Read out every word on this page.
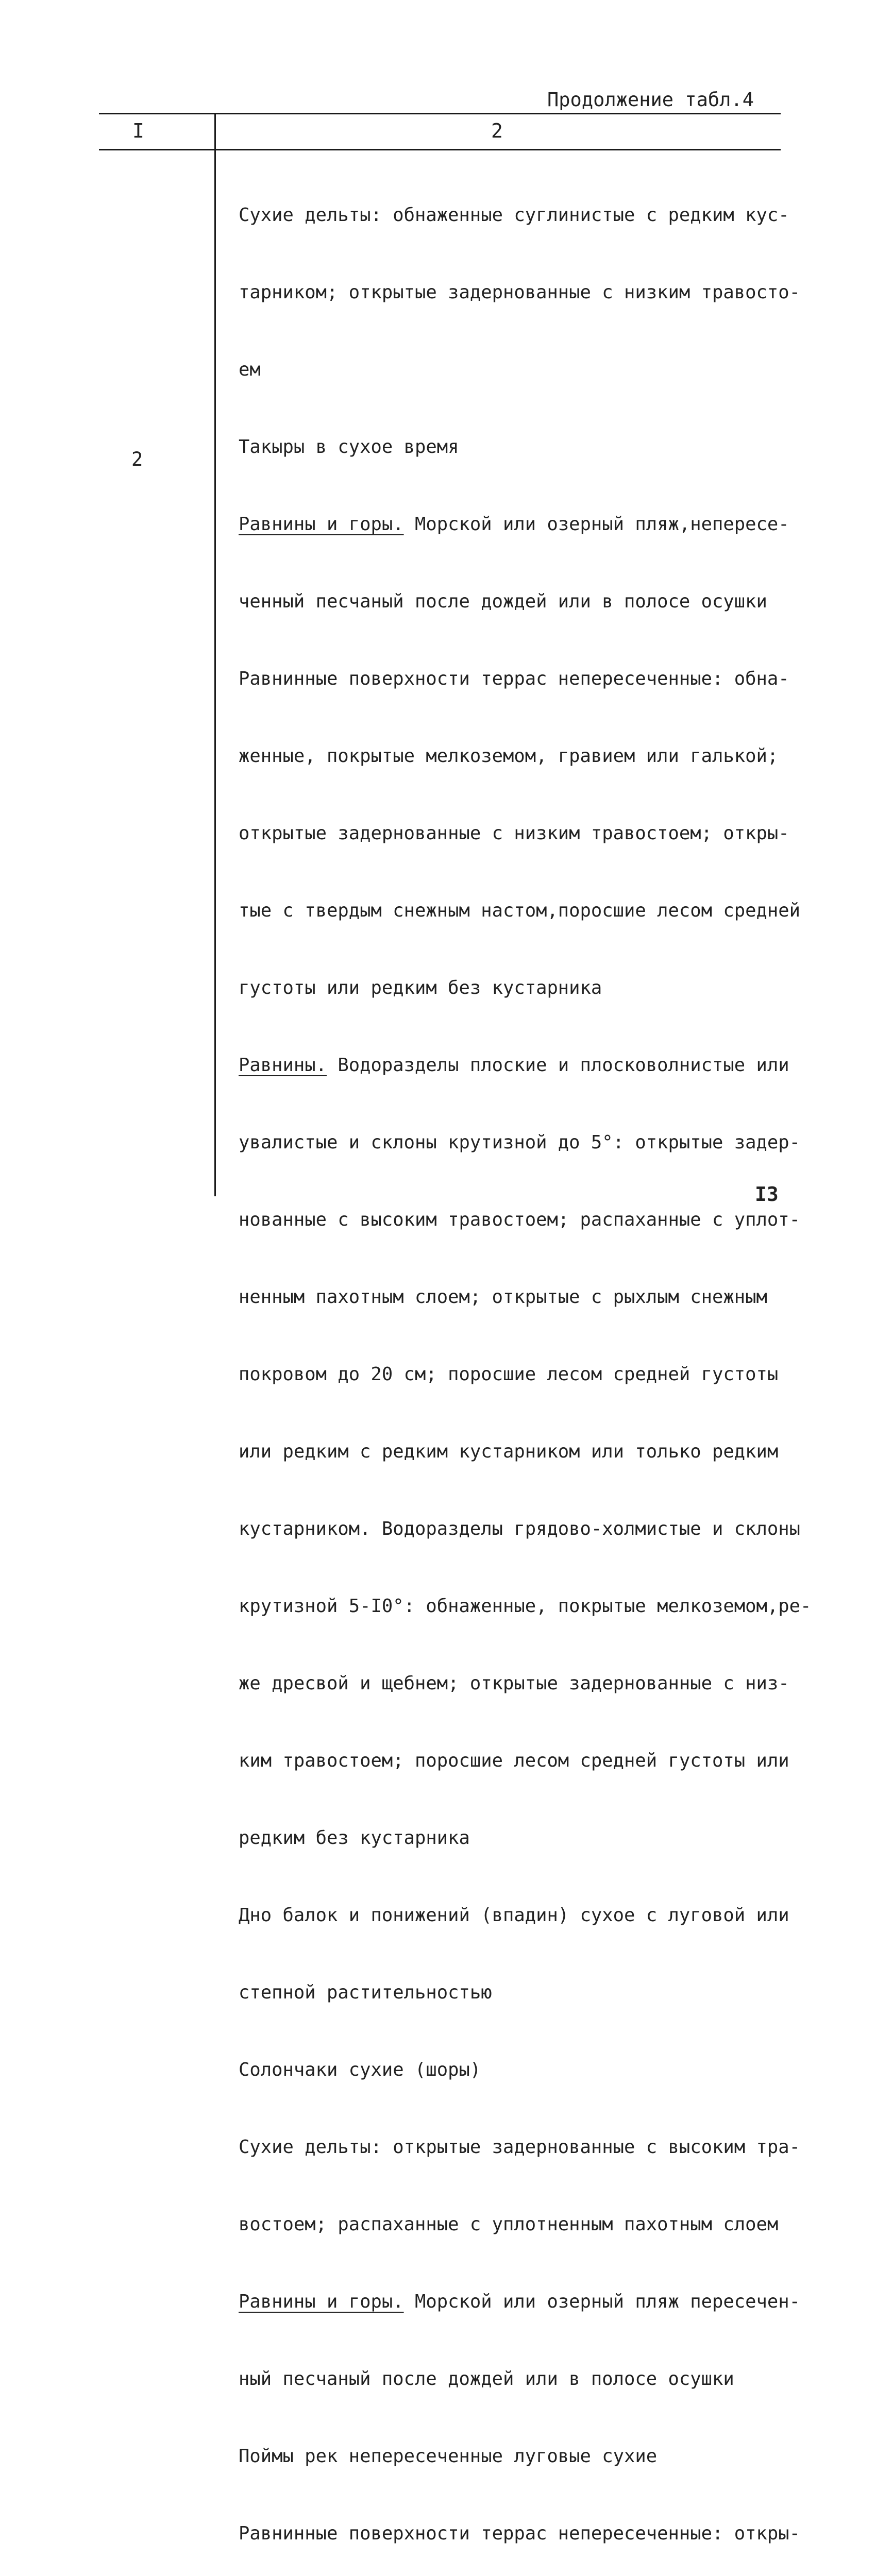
Продолжение табл.4
I	2
2

Сухие дельты: обнаженные суглинистые с редким кус-

тарником; открытые задернованные с низким травосто-

ем

Такыры в сухое время

Равнины и горы. Морской или озерный пляж,непересе-

ченный песчаный после дождей или в полосе осушки

Равнинные поверхности террас непересеченные: обна-

женные, покрытые мелкоземом, гравием или галькой;

открытые задернованные с низким травостоем; откры-

тые с твердым снежным настом,поросшие лесом средней

густоты или редким без кустарника

Равнины. Водоразделы плоские и плосковолнистые или

увалистые и склоны крутизной до 5°: открытые задер-

нованные с высоким травостоем; распаханные с уплот-

ненным пахотным слоем; открытые с рыхлым снежным

покровом до 20 см; поросшие лесом средней густоты

или редким с редким кустарником или только редким

кустарником. Водоразделы грядово-холмистые и склоны

крутизной 5-I0°: обнаженные, покрытые мелкоземом,ре-

же дресвой и щебнем; открытые задернованные с низ-

ким травостоем; поросшие лесом средней густоты или

редким без кустарника

Дно балок и понижений (впадин) сухое с луговой или

степной растительностью

Солончаки сухие (шоры)

Сухие дельты: открытые задернованные с высоким тра-

востоем; распаханные с уплотненным пахотным слоем

Равнины и горы. Морской или озерный пляж пересечен-

ный песчаный после дождей или в полосе осушки

Поймы рек непересеченные луговые сухие

Равнинные поверхности террас непересеченные: откры-

I3
